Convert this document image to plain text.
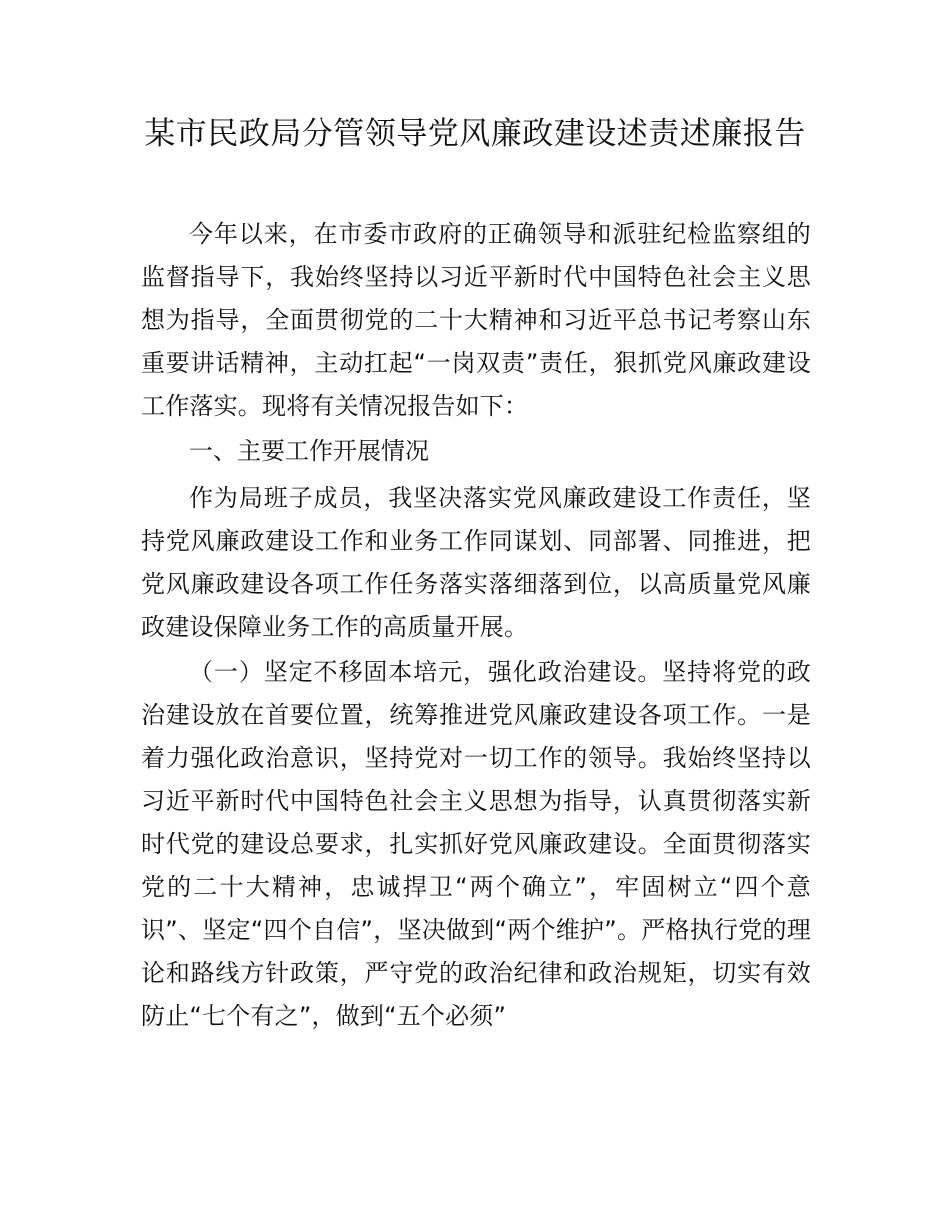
某市民政局分管领导党风廉政建设述责述廉报告

今年以来，在市委市政府的正确领导和派驻纪检监察组的监督指导下，我始终坚持以习近平新时代中国特色社会主义思想为指导，全面贯彻党的二十大精神和习近平总书记考察山东重要讲话精神，主动扛起“一岗双责”责任，狠抓党风廉政建设工作落实。现将有关情况报告如下：

一、主要工作开展情况

作为局班子成员，我坚决落实党风廉政建设工作责任，坚持党风廉政建设工作和业务工作同谋划、同部署、同推进，把党风廉政建设各项工作任务落实落细落到位，以高质量党风廉政建设保障业务工作的高质量开展。

（一）坚定不移固本培元，强化政治建设。坚持将党的政治建设放在首要位置，统筹推进党风廉政建设各项工作。一是着力强化政治意识，坚持党对一切工作的领导。我始终坚持以习近平新时代中国特色社会主义思想为指导，认真贯彻落实新时代党的建设总要求，扎实抓好党风廉政建设。全面贯彻落实党的二十大精神，忠诚捍卫“两个确立”，牢固树立“四个意识”、坚定“四个自信”，坚决做到“两个维护”。严格执行党的理论和路线方针政策，严守党的政治纪律和政治规矩，切实有效防止“七个有之”，做到“五个必须”
